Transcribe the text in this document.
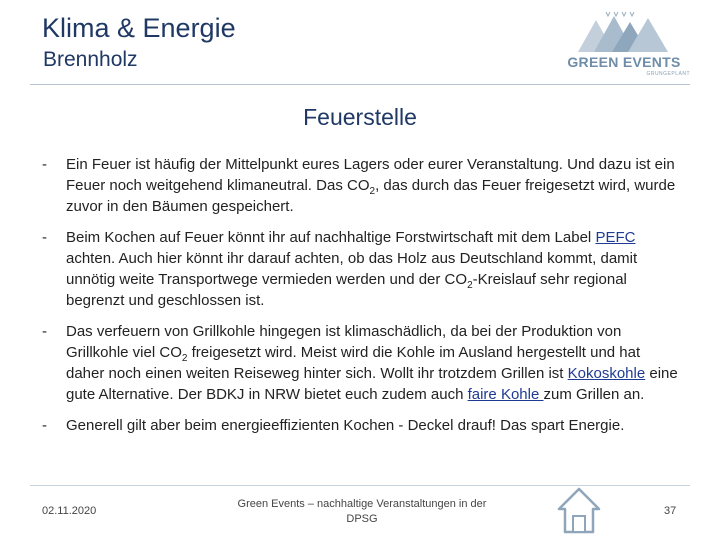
Klima & Energie
Brennholz	GREEN EVENTS
GRUNGEPLANT
Feuerstelle
- Ein Feuer ist häufig der Mittelpunkt eures Lagers oder eurer Veranstaltung. Und dazu ist ein Feuer noch weitgehend klimaneutral. Das $CO_2$, das durch das Feuer freigesetzt wird, wurde zuvor in den Bäumen gespeichert.
- Beim Kochen auf Feuer könnt ihr auf nachhaltige Forstwirtschaft mit dem Label PEFC achten. Auch hier könnt ihr darauf achten, ob das Holz aus Deutschland kommt, damit unnötig weite Transportwege vermieden werden und der $CO_2$-Kreislauf sehr regional begrenzt und geschlossen ist.
- Das verfeuern von Grillkohle hingegen ist klimaschädlich, da bei der Produktion von Grillkohle viel $CO_2$ freigesetzt wird. Meist wird die Kohle im Ausland hergestellt und hat daher noch einen weiten Reiseweg hinter sich. Wollt ihr trotzdem Grillen ist Kokoskohle eine gute Alternative. Der BDKJ in NRW bietet euch zudem auch faire Kohle zum Grillen an.
- Generell gilt aber beim energieeffizienten Kochen - Deckel drauf! Das spart Energie.
02.11.2020
Green Events – nachhaltige Veranstaltungen in der DPSG
37
